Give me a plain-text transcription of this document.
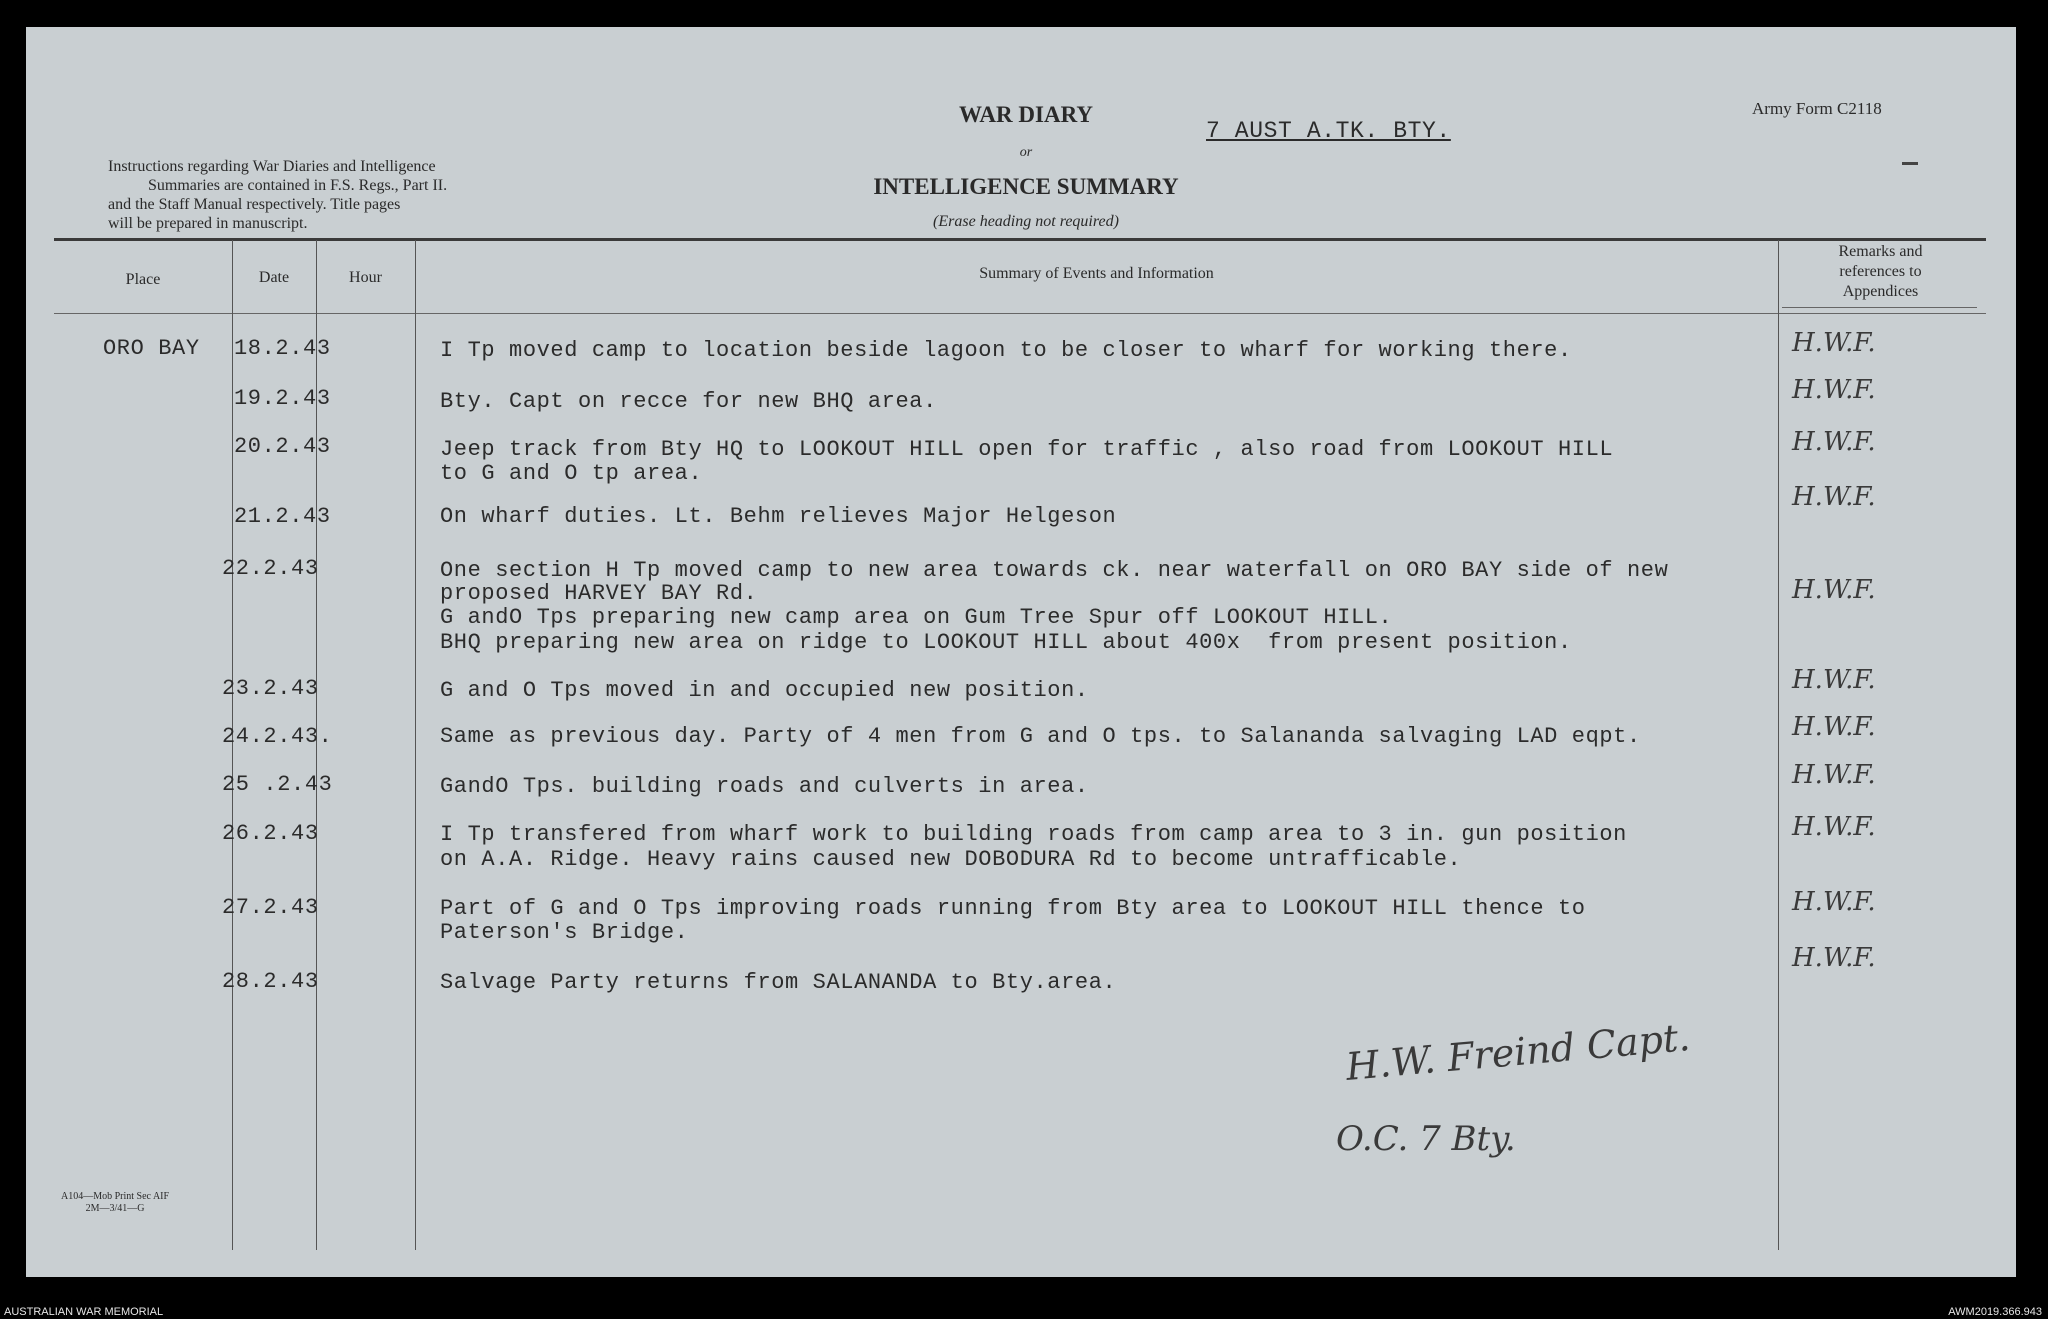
WAR DIARY
or
INTELLIGENCE SUMMARY
(Erase heading not required)
7 AUST A.TK. BTY.
Army Form C2118
Instructions regarding War Diaries and Intelligence
Summaries are contained in F.S. Regs., Part II.
and the Staff Manual respectively. Title pages
will be prepared in manuscript.
Place	Date	Hour	Summary of Events and Information
Remarks and
references to
Appendices
ORO BAY 18.2.43	I Tp moved camp to location beside lagoon to be closer to wharf for working there.	H.W.F.
19.2.43	Bty. Capt on recce for new BHQ area.	H.W.F.
20.2.43	Jeep track from Bty HQ to LOOKOUT HILL open for traffic , also road from LOOKOUT HILL
to G and O tp area.
H.W.F.
21.2.43	On wharf duties. Lt. Behm relieves Major Helgeson
H.W.F.
22.2.43	One section H Tp moved camp to new area towards ck. near waterfall on ORO BAY side of new
proposed HARVEY BAY Rd.
G andO Tps preparing new camp area on Gum Tree Spur off LOOKOUT HILL.
BHQ preparing new area on ridge to LOOKOUT HILL about 400x  from present position.
H.W.F.
23.2.43	G and O Tps moved in and occupied new position.	H.W.F.
24.2.43.	Same as previous day. Party of 4 men from G and O tps. to Salananda salvaging LAD eqpt.	H.W.F.
25 .2.43	GandO Tps. building roads and culverts in area.	H.W.F.
26.2.43	I Tp transfered from wharf work to building roads from camp area to 3 in. gun position
on A.A. Ridge. Heavy rains caused new DOBODURA Rd to become untrafficable.
H.W.F.
27.2.43	Part of G and O Tps improving roads running from Bty area to LOOKOUT HILL thence to
Paterson's Bridge.
H.W.F.
28.2.43	Salvage Party returns from SALANANDA to Bty.area.
H.W.F.
H.W. Freind Capt.
O.C. 7 Bty.
A104—Mob Print Sec AIF
2M—3/41—G
AUSTRALIAN WAR MEMORIAL	AWM2019.366.943
